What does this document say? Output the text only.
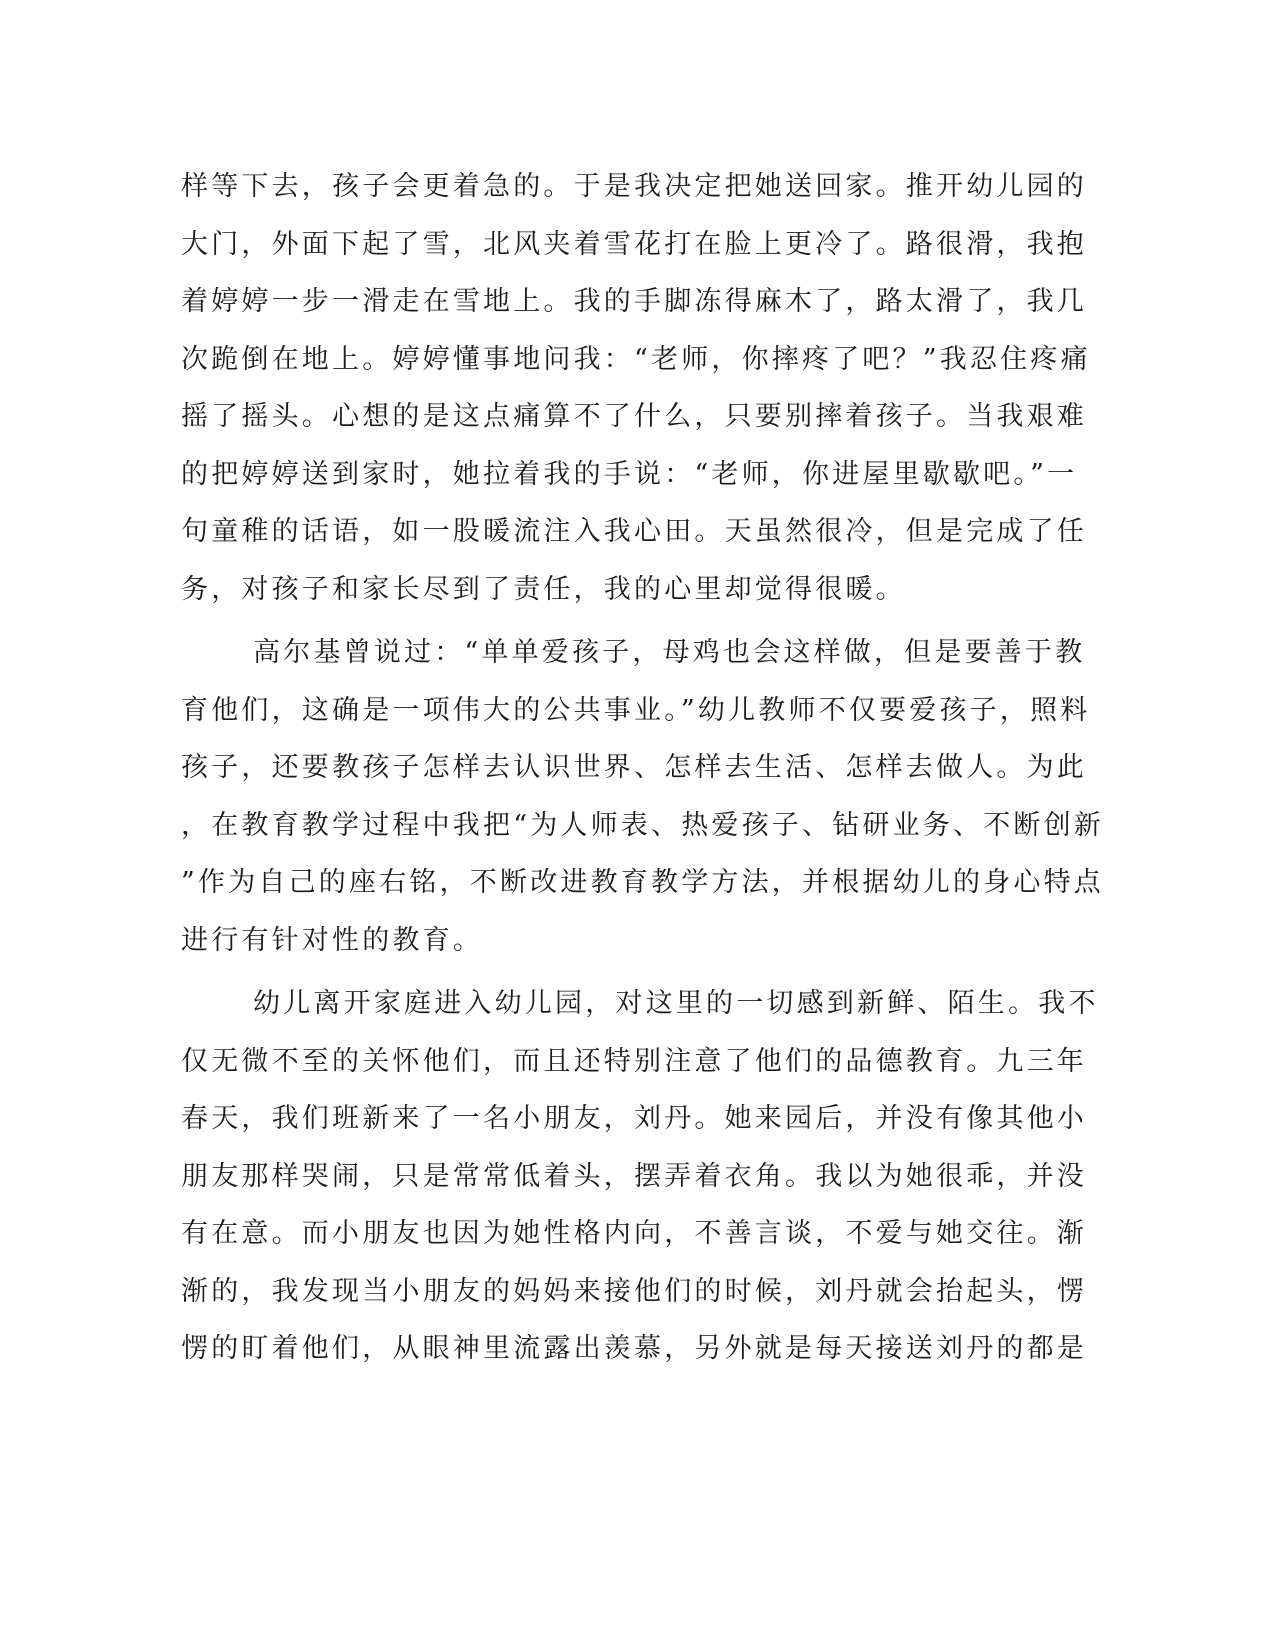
样等下去，孩子会更着急的。于是我决定把她送回家。推开幼儿园的
大门，外面下起了雪，北风夹着雪花打在脸上更冷了。路很滑，我抱
着婷婷一步一滑走在雪地上。我的手脚冻得麻木了，路太滑了，我几
次跪倒在地上。婷婷懂事地问我：“老师，你摔疼了吧？”我忍住疼痛
摇了摇头。心想的是这点痛算不了什么，只要别摔着孩子。当我艰难
的把婷婷送到家时，她拉着我的手说：“老师，你进屋里歇歇吧。”一
句童稚的话语，如一股暖流注入我心田。天虽然很冷，但是完成了任
务，对孩子和家长尽到了责任，我的心里却觉得很暖。
高尔基曾说过：“单单爱孩子，母鸡也会这样做，但是要善于教
育他们，这确是一项伟大的公共事业。”幼儿教师不仅要爱孩子，照料
孩子，还要教孩子怎样去认识世界、怎样去生活、怎样去做人。为此
，在教育教学过程中我把“为人师表、热爱孩子、钻研业务、不断创新
”作为自己的座右铭，不断改进教育教学方法，并根据幼儿的身心特点
进行有针对性的教育。
幼儿离开家庭进入幼儿园，对这里的一切感到新鲜、陌生。我不
仅无微不至的关怀他们，而且还特别注意了他们的品德教育。九三年
春天，我们班新来了一名小朋友，刘丹。她来园后，并没有像其他小
朋友那样哭闹，只是常常低着头，摆弄着衣角。我以为她很乖，并没
有在意。而小朋友也因为她性格内向，不善言谈，不爱与她交往。渐
渐的，我发现当小朋友的妈妈来接他们的时候，刘丹就会抬起头，愣
愣的盯着他们，从眼神里流露出羡慕，另外就是每天接送刘丹的都是
